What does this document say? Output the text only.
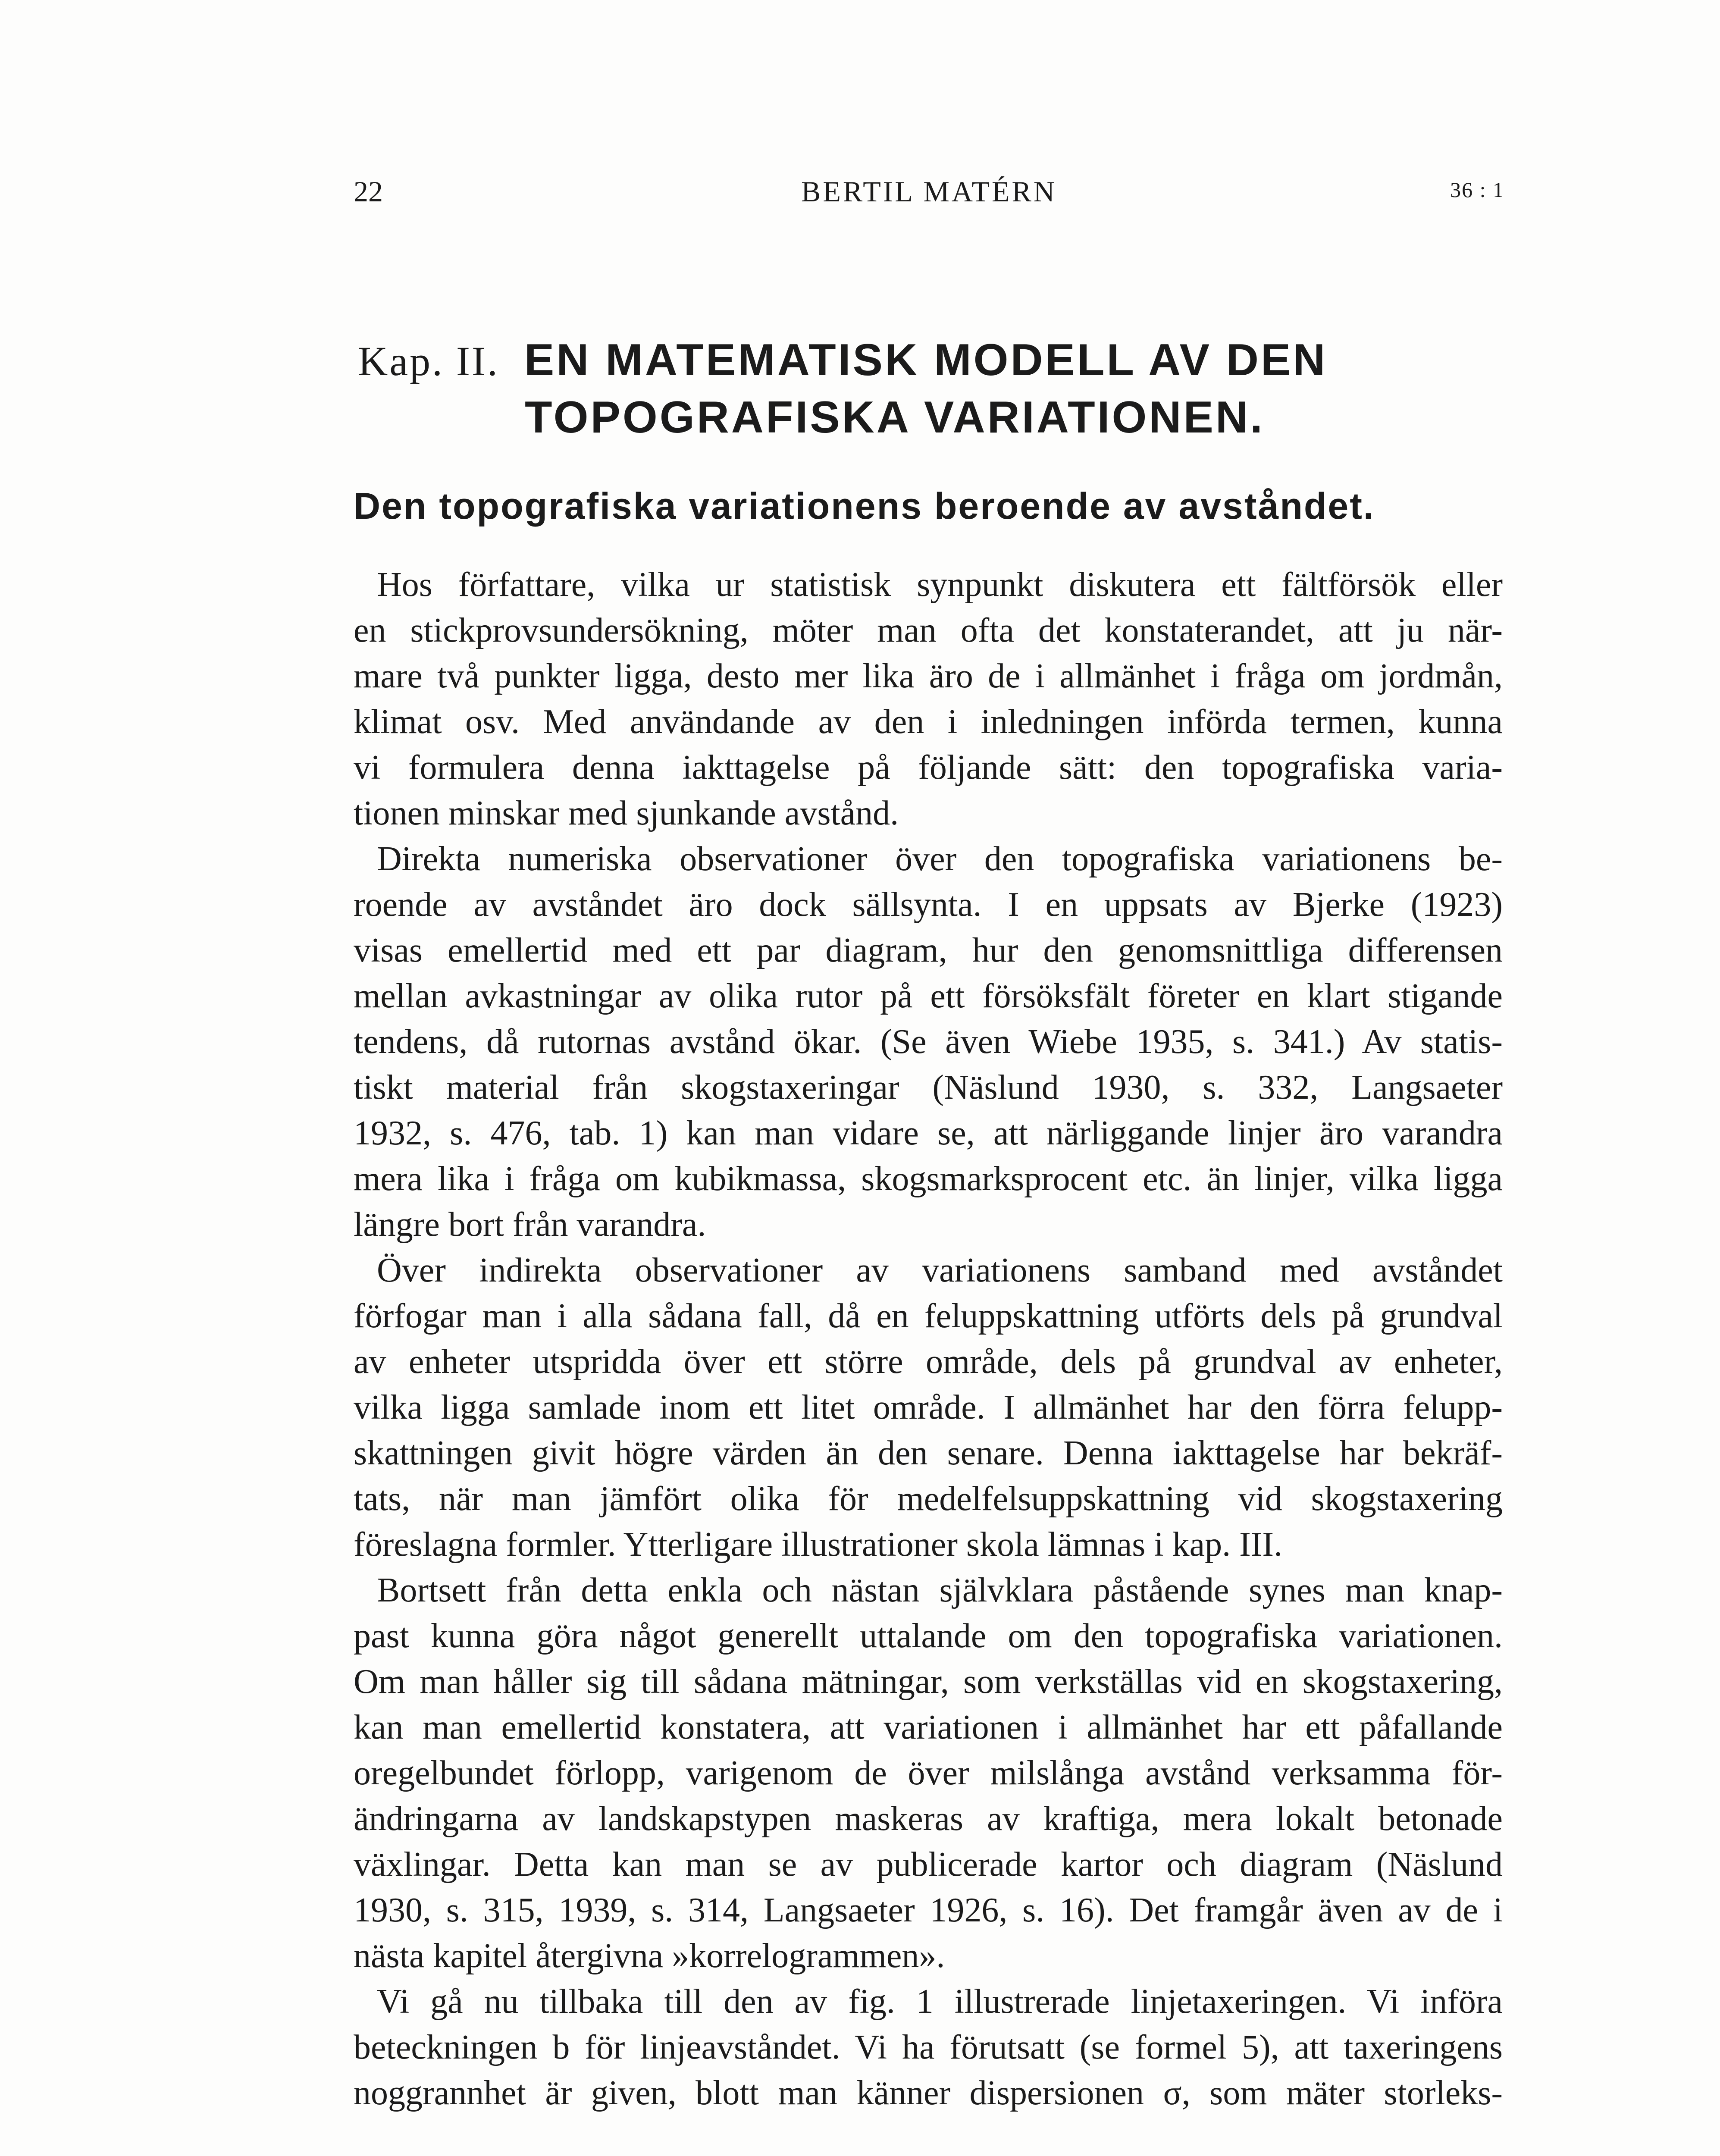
22	BERTIL MATÉRN	36 : 1
Kap. II. EN MATEMATISK MODELL AV DEN
TOPOGRAFISKA VARIATIONEN.
Den topografiska variationens beroende av avståndet.

Hos författare, vilka ur statistisk synpunkt diskutera ett fältförsök eller
en stickprovsundersökning, möter man ofta det konstaterandet, att ju när-
mare två punkter ligga, desto mer lika äro de i allmänhet i fråga om jordmån,
klimat osv. Med användande av den i inledningen införda termen, kunna
vi formulera denna iakttagelse på följande sätt: den topografiska varia-
tionen minskar med sjunkande avstånd.

Direkta numeriska observationer över den topografiska variationens be-
roende av avståndet äro dock sällsynta. I en uppsats av Bjerke (1923)
visas emellertid med ett par diagram, hur den genomsnittliga differensen
mellan avkastningar av olika rutor på ett försöksfält företer en klart stigande
tendens, då rutornas avstånd ökar. (Se även Wiebe 1935, s. 341.) Av statis-
tiskt material från skogstaxeringar (Näslund 1930, s. 332, Langsaeter
1932, s. 476, tab. 1) kan man vidare se, att närliggande linjer äro varandra
mera lika i fråga om kubikmassa, skogsmarksprocent etc. än linjer, vilka ligga
längre bort från varandra.

Över indirekta observationer av variationens samband med avståndet
förfogar man i alla sådana fall, då en feluppskattning utförts dels på grundval
av enheter utspridda över ett större område, dels på grundval av enheter,
vilka ligga samlade inom ett litet område. I allmänhet har den förra felupp-
skattningen givit högre värden än den senare. Denna iakttagelse har bekräf-
tats, när man jämfört olika för medelfelsuppskattning vid skogstaxering
föreslagna formler. Ytterligare illustrationer skola lämnas i kap. III.

Bortsett från detta enkla och nästan självklara påstående synes man knap-
past kunna göra något generellt uttalande om den topografiska variationen.
Om man håller sig till sådana mätningar, som verkställas vid en skogstaxering,
kan man emellertid konstatera, att variationen i allmänhet har ett påfallande
oregelbundet förlopp, varigenom de över milslånga avstånd verksamma för-
ändringarna av landskapstypen maskeras av kraftiga, mera lokalt betonade
växlingar. Detta kan man se av publicerade kartor och diagram (Näslund
1930, s. 315, 1939, s. 314, Langsaeter 1926, s. 16). Det framgår även av de i
nästa kapitel återgivna »korrelogrammen».

Vi gå nu tillbaka till den av fig. 1 illustrerade linjetaxeringen. Vi införa
beteckningen b för linjeavståndet. Vi ha förutsatt (se formel 5), att taxeringens
noggrannhet är given, blott man känner dispersionen σ, som mäter storleks-
